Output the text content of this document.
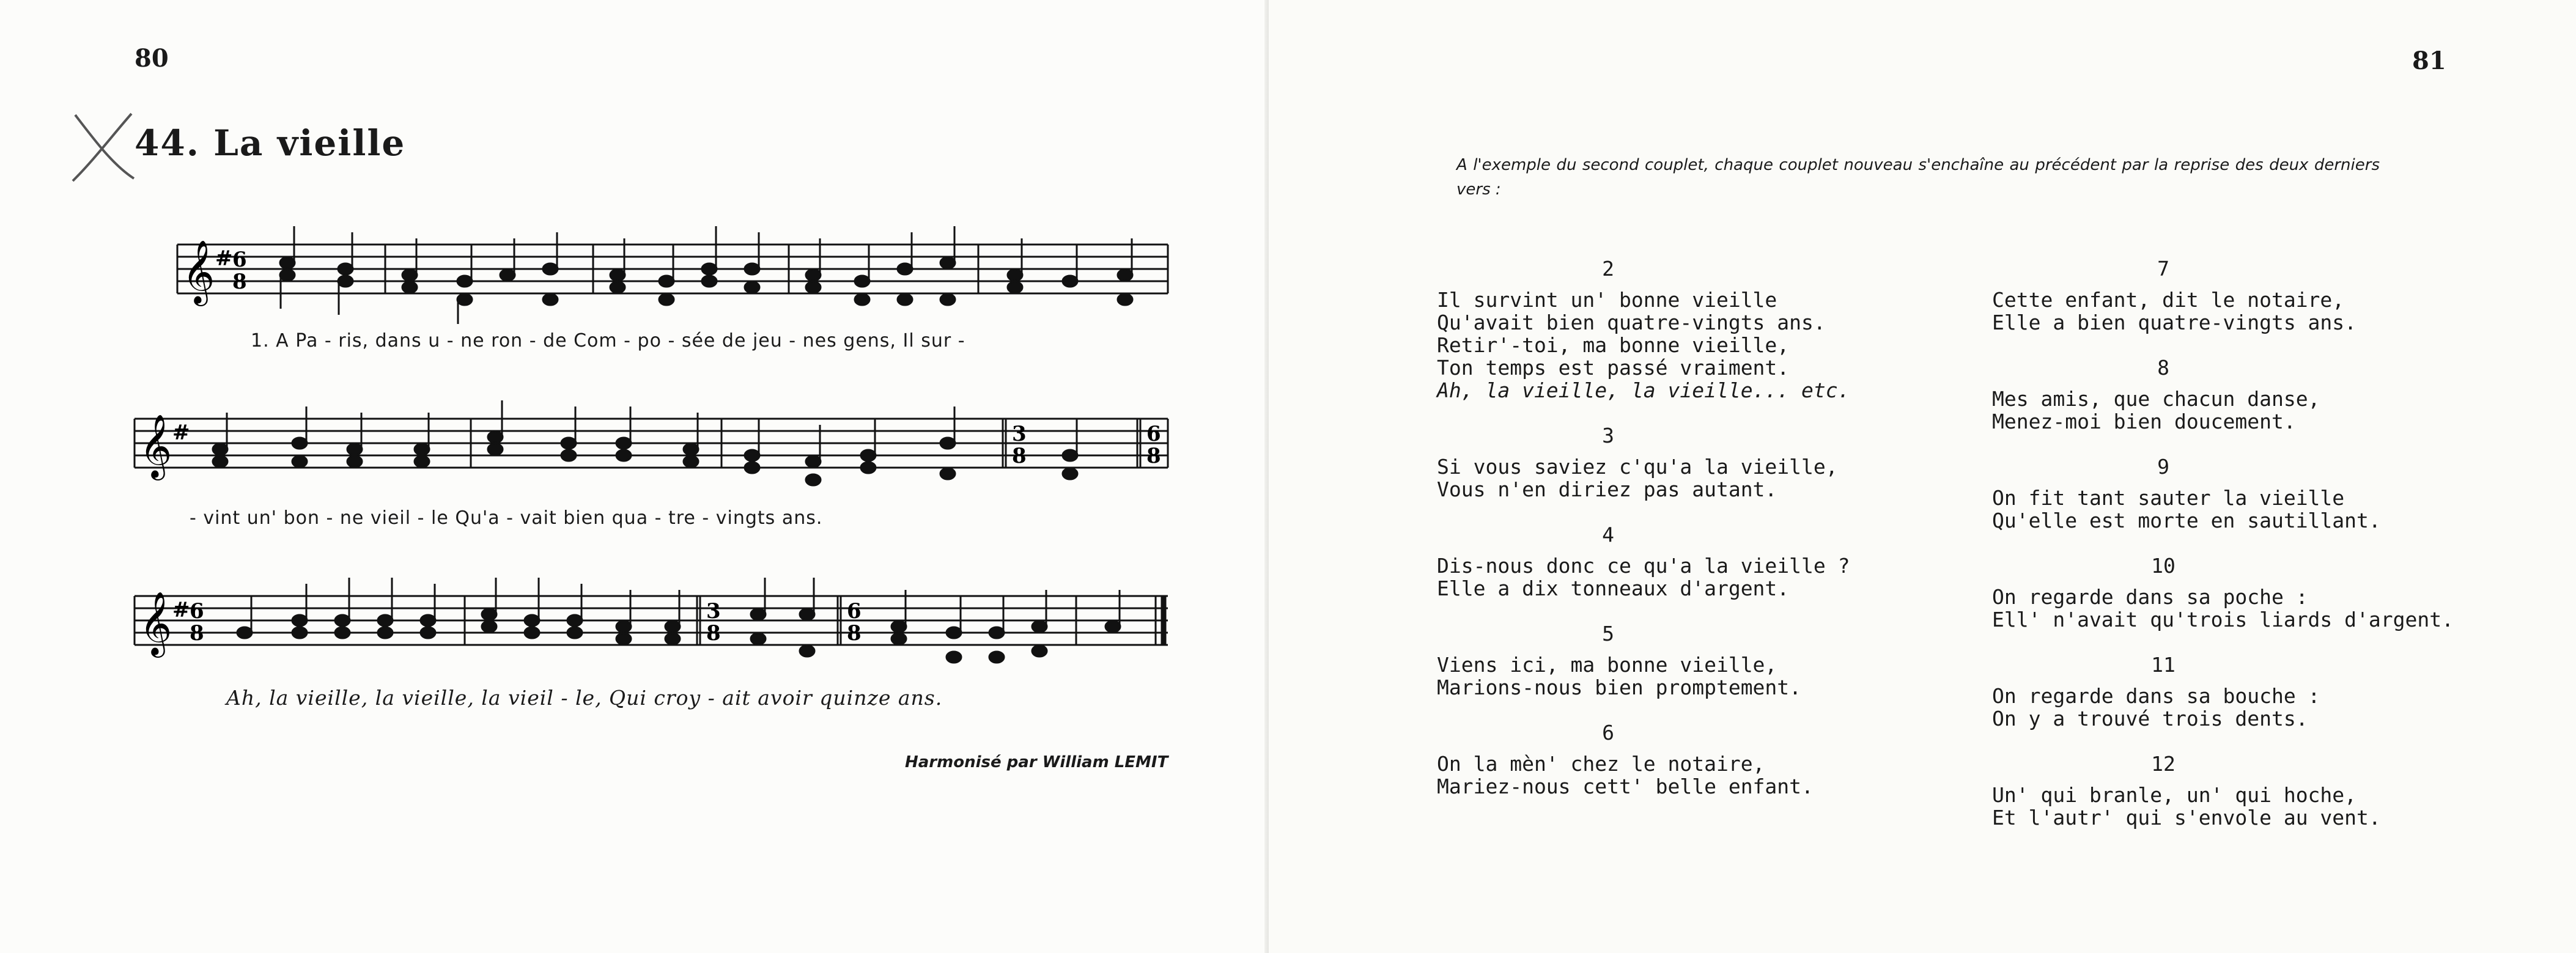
80
44. La vieille
𝄞 # 6
8
1. A Pa - ris, dans u - ne ron - de Com - po - sée de jeu - nes gens, Il sur -
𝄞 #	3
8
6
8
- vint un' bon - ne vieil - le Qu'a - vait bien qua - tre - vingts ans.
𝄞 # 6
8
3
8
6
8
Ah, la vieille, la vieille, la vieil - le, Qui croy - ait avoir quinze ans.
Harmonisé par William LEMIT
81
A l'exemple du second couplet, chaque couplet nouveau s'enchaîne au précédent par la reprise des deux derniers vers :
2
Il survint un' bonne vieille
Qu'avait bien quatre-vingts ans.
Retir'-toi, ma bonne vieille,
Ton temps est passé vraiment.
Ah, la vieille, la vieille... etc.
3
Si vous saviez c'qu'a la vieille,
Vous n'en diriez pas autant.
4
Dis-nous donc ce qu'a la vieille ?
Elle a dix tonneaux d'argent.
5
Viens ici, ma bonne vieille,
Marions-nous bien promptement.
6
On la mèn' chez le notaire,
Mariez-nous cett' belle enfant.
7
Cette enfant, dit le notaire,
Elle a bien quatre-vingts ans.
8
Mes amis, que chacun danse,
Menez-moi bien doucement.
9
On fit tant sauter la vieille
Qu'elle est morte en sautillant.
10
On regarde dans sa poche :
Ell' n'avait qu'trois liards d'argent.
11
On regarde dans sa bouche :
On y a trouvé trois dents.
12
Un' qui branle, un' qui hoche,
Et l'autr' qui s'envole au vent.
